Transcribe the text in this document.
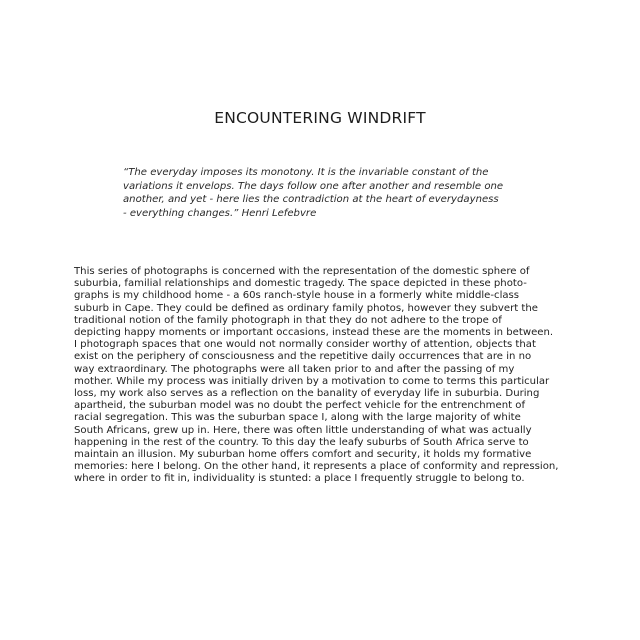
ENCOUNTERING WINDRIFT
“The everyday imposes its monotony. It is the invariable constant of the
variations it envelops. The days follow one after another and resemble one
another, and yet - here lies the contradiction at the heart of everydayness
- everything changes.” Henri Lefebvre
This series of photographs is concerned with the representation of the domestic sphere of
suburbia, familial relationships and domestic tragedy. The space depicted in these photo-
graphs is my childhood home - a 60s ranch-style house in a formerly white middle-class
suburb in Cape. They could be defined as ordinary family photos, however they subvert the
traditional notion of the family photograph in that they do not adhere to the trope of
depicting happy moments or important occasions, instead these are the moments in between.
I photograph spaces that one would not normally consider worthy of attention, objects that
exist on the periphery of consciousness and the repetitive daily occurrences that are in no
way extraordinary. The photographs were all taken prior to and after the passing of my
mother. While my process was initially driven by a motivation to come to terms this particular
loss, my work also serves as a reflection on the banality of everyday life in suburbia. During
apartheid, the suburban model was no doubt the perfect vehicle for the entrenchment of
racial segregation. This was the suburban space I, along with the large majority of white
South Africans, grew up in. Here, there was often little understanding of what was actually
happening in the rest of the country. To this day the leafy suburbs of South Africa serve to
maintain an illusion. My suburban home offers comfort and security, it holds my formative
memories: here I belong. On the other hand, it represents a place of conformity and repression,
where in order to fit in, individuality is stunted: a place I frequently struggle to belong to.
